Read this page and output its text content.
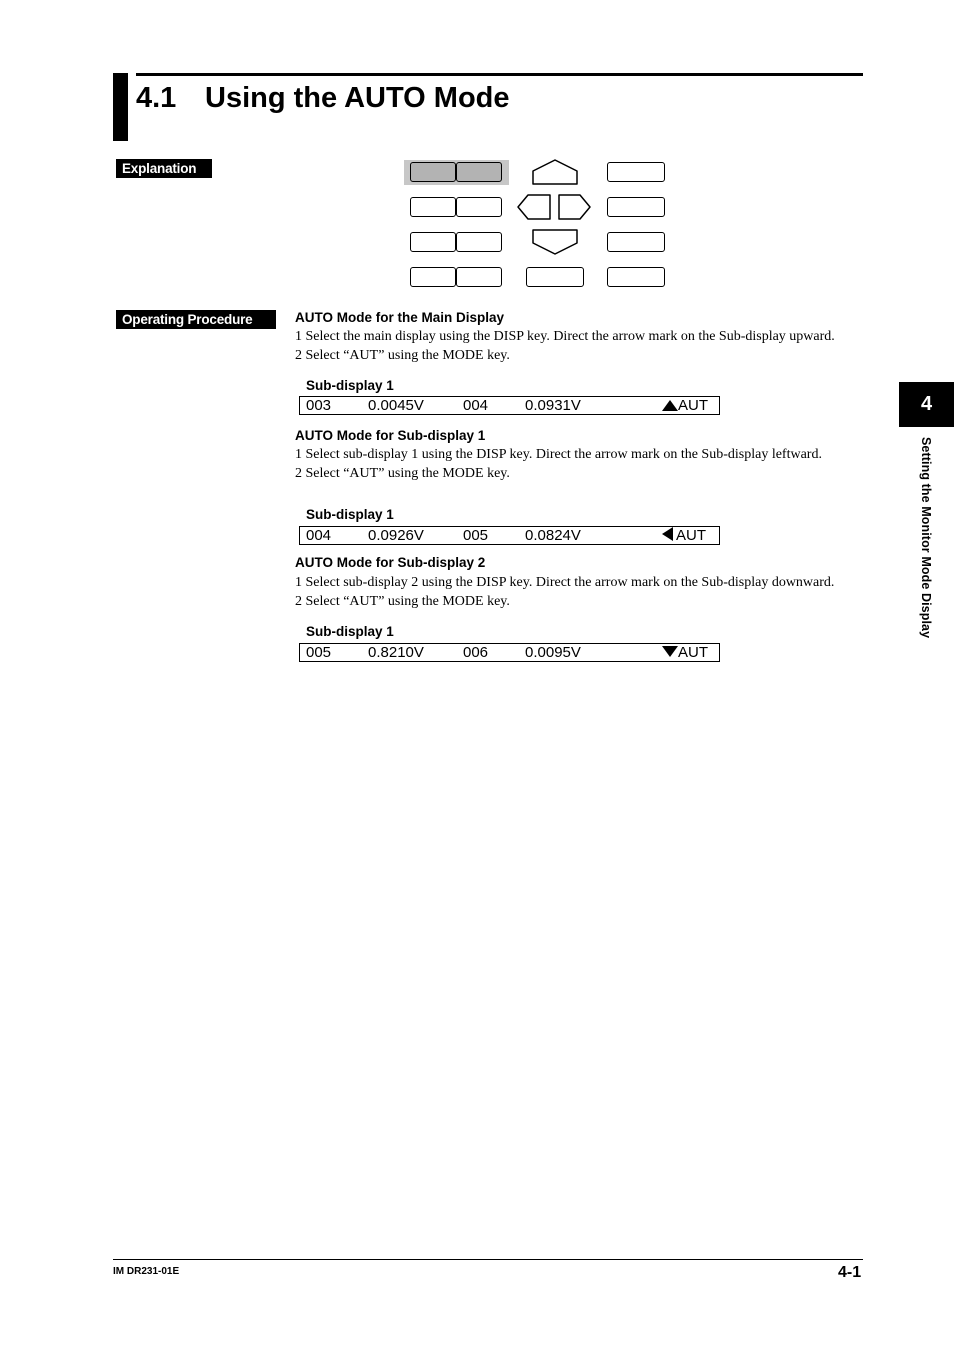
4.1 Using the AUTO Mode
Explanation
Operating Procedure	AUTO Mode for the Main Display
1 Select the main display using the DISP key. Direct the arrow mark on the Sub-display upward.
2 Select “AUT” using the MODE key.
Sub-display 1
003 0.0045V	004 0.0931V	AUT
AUTO Mode for Sub-display 1
1 Select sub-display 1 using the DISP key. Direct the arrow mark on the Sub-display leftward.
2 Select “AUT” using the MODE key.
Sub-display 1
004 0.0926V	005 0.0824V	AUT
AUTO Mode for Sub-display 2
1 Select sub-display 2 using the DISP key. Direct the arrow mark on the Sub-display downward.
2 Select “AUT” using the MODE key.
Sub-display 1
005 0.8210V	006 0.0095V	AUT
4
Setting the Monitor Mode Display
IM DR231-01E	4-1
